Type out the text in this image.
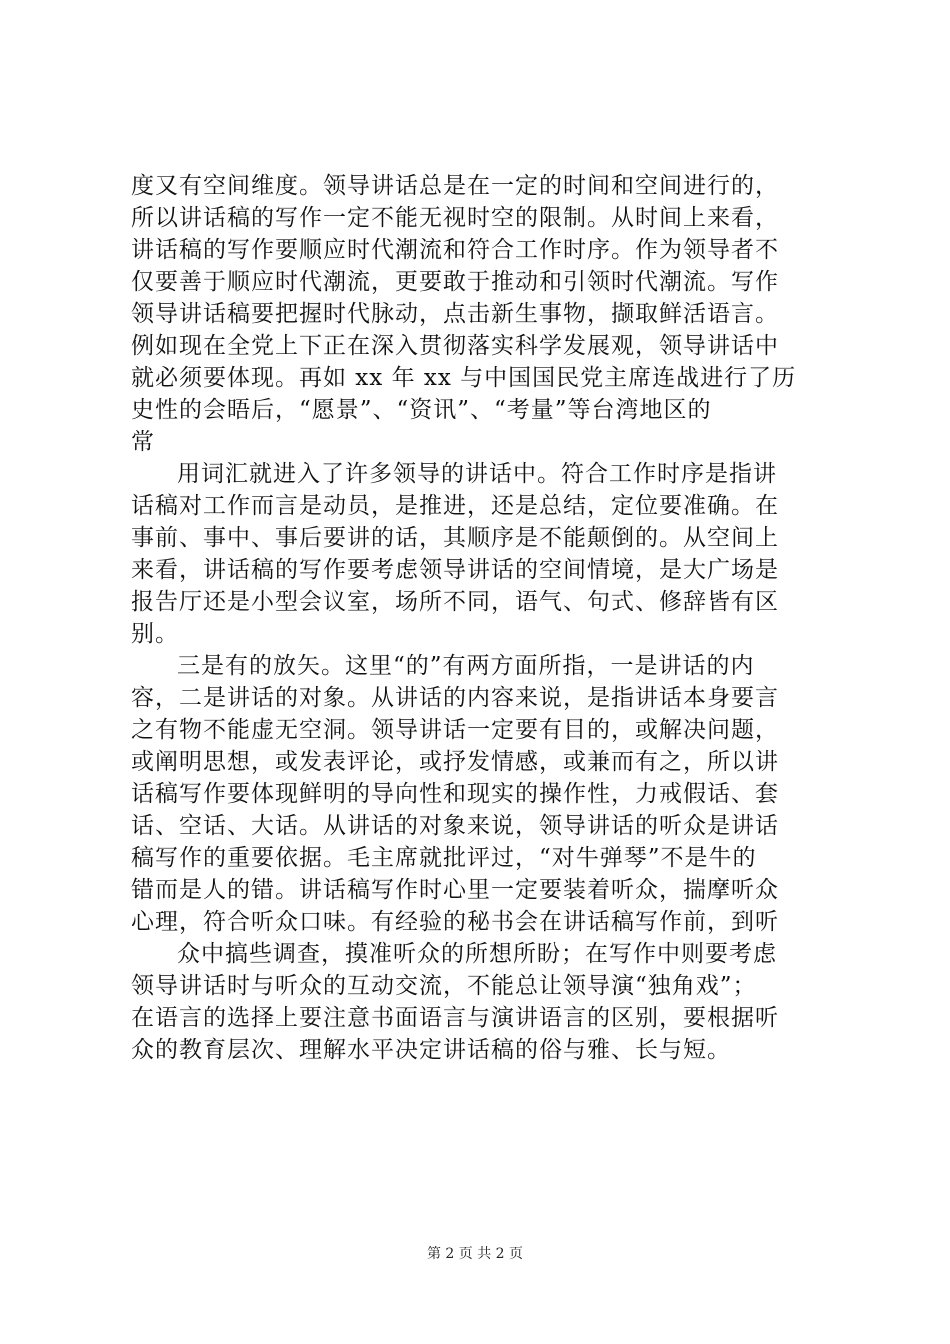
度又有空间维度。领导讲话总是在一定的时间和空间进行的，
所以讲话稿的写作一定不能无视时空的限制。从时间上来看，
讲话稿的写作要顺应时代潮流和符合工作时序。作为领导者不
仅要善于顺应时代潮流，更要敢于推动和引领时代潮流。写作
领导讲话稿要把握时代脉动，点击新生事物，撷取鲜活语言。
例如现在全党上下正在深入贯彻落实科学发展观，领导讲话中
就必须要体现。再如 xx 年 xx 与中国国民党主席连战进行了历
史性的会晤后，“愿景”、“资讯”、“考量”等台湾地区的
常
用词汇就进入了许多领导的讲话中。符合工作时序是指讲
话稿对工作而言是动员，是推进，还是总结，定位要准确。在
事前、事中、事后要讲的话，其顺序是不能颠倒的。从空间上
来看，讲话稿的写作要考虑领导讲话的空间情境，是大广场是
报告厅还是小型会议室，场所不同，语气、句式、修辞皆有区
别。
三是有的放矢。这里“的”有两方面所指，一是讲话的内
容，二是讲话的对象。从讲话的内容来说，是指讲话本身要言
之有物不能虚无空洞。领导讲话一定要有目的，或解决问题，
或阐明思想，或发表评论，或抒发情感，或兼而有之，所以讲
话稿写作要体现鲜明的导向性和现实的操作性，力戒假话、套
话、空话、大话。从讲话的对象来说，领导讲话的听众是讲话
稿写作的重要依据。毛主席就批评过，“对牛弹琴”不是牛的
错而是人的错。讲话稿写作时心里一定要装着听众，揣摩听众
心理，符合听众口味。有经验的秘书会在讲话稿写作前，到听
众中搞些调查，摸准听众的所想所盼；在写作中则要考虑
领导讲话时与听众的互动交流，不能总让领导演“独角戏”；
在语言的选择上要注意书面语言与演讲语言的区别，要根据听
众的教育层次、理解水平决定讲话稿的俗与雅、长与短。
第 2 页 共 2 页
